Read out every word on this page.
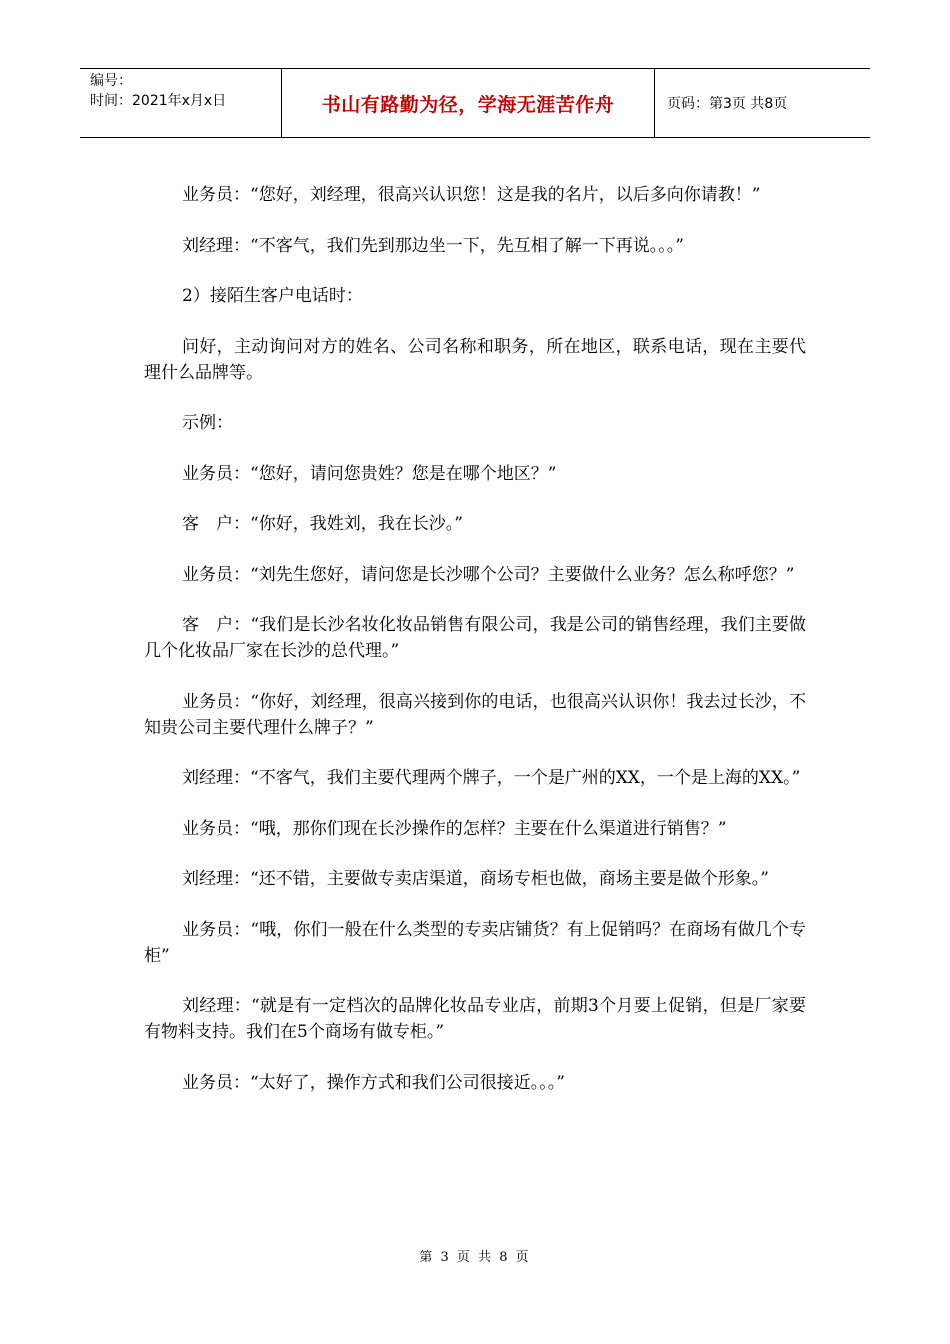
编号：
时间：2021年x月x日	书山有路勤为径，学海无涯苦作舟	页码：第3页 共8页

业务员：“您好，刘经理，很高兴认识您！这是我的名片，以后多向你请教！”

刘经理：“不客气，我们先到那边坐一下，先互相了解一下再说。。。”

2）接陌生客户电话时：

问好，主动询问对方的姓名、公司名称和职务，所在地区，联系电话，现在主要代理什么品牌等。

示例：

业务员：“您好，请问您贵姓？您是在哪个地区？”

客　户：“你好，我姓刘，我在长沙。”

业务员：“刘先生您好，请问您是长沙哪个公司？主要做什么业务？怎么称呼您？”

客　户：“我们是长沙名妆化妆品销售有限公司，我是公司的销售经理，我们主要做几个化妆品厂家在长沙的总代理。”

业务员：“你好，刘经理，很高兴接到你的电话，也很高兴认识你！我去过长沙，不知贵公司主要代理什么牌子？”

刘经理：“不客气，我们主要代理两个牌子，一个是广州的XX，一个是上海的XX。”

业务员：“哦，那你们现在长沙操作的怎样？主要在什么渠道进行销售？”

刘经理：“还不错，主要做专卖店渠道，商场专柜也做，商场主要是做个形象。”

业务员：“哦，你们一般在什么类型的专卖店铺货？有上促销吗？在商场有做几个专柜”

刘经理：“就是有一定档次的品牌化妆品专业店，前期3个月要上促销，但是厂家要有物料支持。我们在5个商场有做专柜。”

业务员：“太好了，操作方式和我们公司很接近。。。”

第 3 页 共 8 页
